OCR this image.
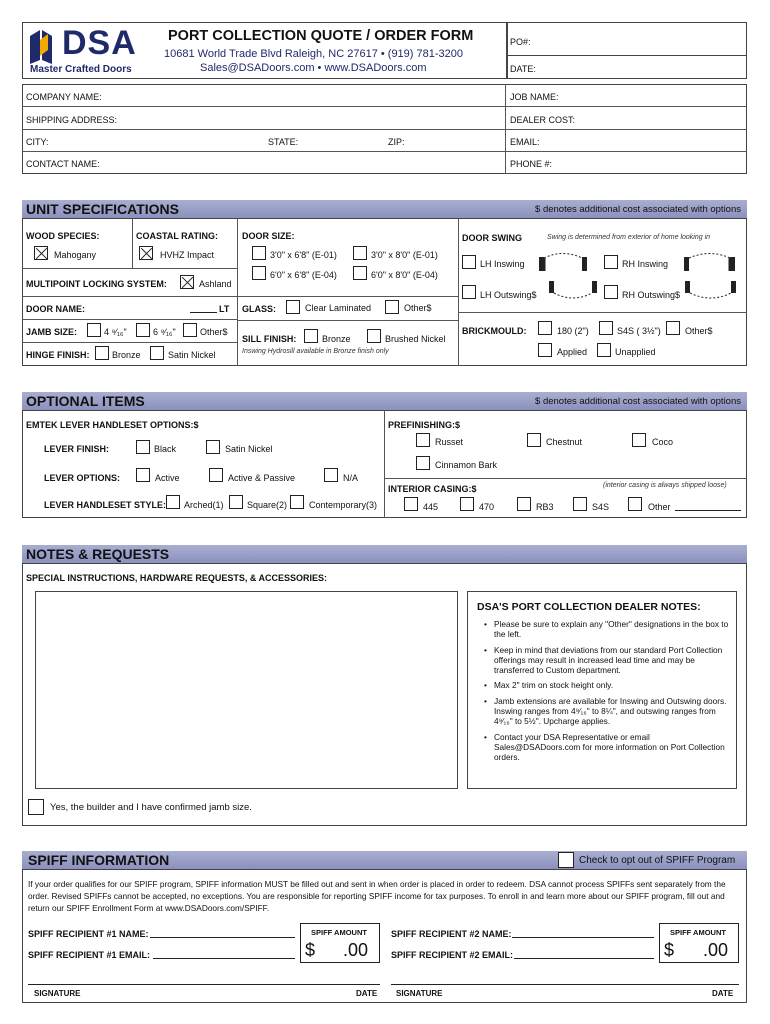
DSA
Master Crafted Doors
PORT COLLECTION QUOTE / ORDER FORM
10681 World Trade Blvd Raleigh, NC 27617 • (919) 781-3200
Sales@DSADoors.com • www.DSADoors.com
PO#:
DATE:
COMPANY NAME:	JOB NAME:
SHIPPING ADDRESS:	DEALER COST:
CITY:	STATE:	ZIP:	EMAIL:
CONTACT NAME:	PHONE #:
UNIT SPECIFICATIONS	$ denotes additional cost associated with options
WOOD SPECIES:
Mahogany
COASTAL RATING:
HVHZ Impact
MULTIPOINT LOCKING SYSTEM:	Ashland
DOOR NAME:	LT
JAMB SIZE:	4 ⁹⁄₁₆"	6 ⁹⁄₁₆"	Other$
HINGE FINISH: Bronze	Satin Nickel
DOOR SIZE:
3'0" x 6'8" (E-01)	3'0" x 8'0" (E-01)
6'0" x 6'8" (E-04)	6'0" x 8'0" (E-04)
GLASS:	Clear Laminated	Other$
SILL FINISH:	Bronze	Brushed Nickel
Inswing Hydrosill available in Bronze finish only
DOOR SWING	Swing is determined from exterior of home looking in
LH Inswing	RH Inswing
LH Outswing$	RH Outswing$
BRICKMOULD:	180 (2")	S4S ( 3½")	Other$
Applied	Unapplied
OPTIONAL ITEMS	$ denotes additional cost associated with options
EMTEK LEVER HANDLESET OPTIONS:$
LEVER FINISH:	Black	Satin Nickel
LEVER OPTIONS:	Active	Active & Passive	N/A
LEVER HANDLESET STYLE: Arched(1)	Square(2) Contemporary(3)
PREFINISHING:$
Russet	Chestnut	Coco
Cinnamon Bark
INTERIOR CASING:$	(interior casing is always shipped loose)
445	470	RB3	S4S	Other
NOTES & REQUESTS
SPECIAL INSTRUCTIONS, HARDWARE REQUESTS, & ACCESSORIES:
DSA'S PORT COLLECTION DEALER NOTES:
• Please be sure to explain any "Other" designations in the box to the left.
• Keep in mind that deviations from our standard Port Collection offerings may result in increased lead time and may be transferred to Custom department.
• Max 2" trim on stock height only.
• Jamb extensions are available for Inswing and Outswing doors. Inswing ranges from 4⁹⁄₁₆" to 8¼", and outswing ranges from 4⁹⁄₁₆" to 5½". Upcharge applies.
• Contact your DSA Representative or email Sales@DSADoors.com for more information on Port Collection orders.
Yes, the builder and I have confirmed jamb size.
SPIFF INFORMATION	Check to opt out of SPIFF Program
If your order qualifies for our SPIFF program, SPIFF information MUST be filled out and sent in when order is placed in order to redeem. DSA cannot process SPIFFs sent separately from the order. Revised SPIFFs cannot be accepted, no exceptions. You are responsible for reporting SPIFF income for tax purposes. To enroll in and learn more about our SPIFF program, fill out and return our SPIFF Enrollment Form at www.DSADoors.com/SPIFF.
SPIFF RECIPIENT #1 NAME:
SPIFF RECIPIENT #1 EMAIL:
SPIFF AMOUNT
$ .00
SPIFF RECIPIENT #2 NAME:
SPIFF RECIPIENT #2 EMAIL:
SPIFF AMOUNT
$ .00
SIGNATURE	DATE SIGNATURE	DATE
